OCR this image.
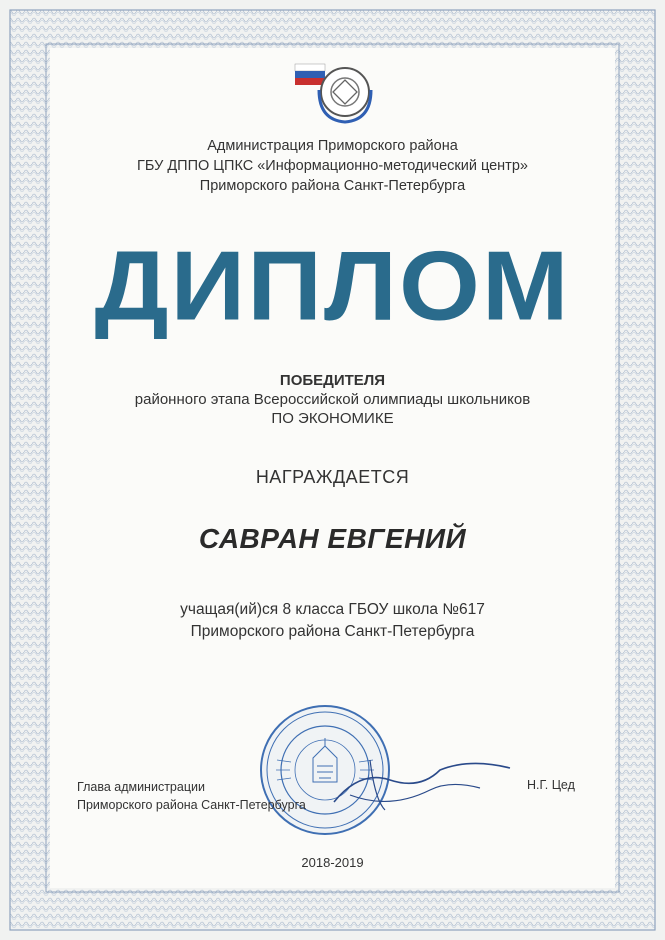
Администрация Приморского района
ГБУ ДППО ЦПКС «Информационно-методический центр»
Приморского района Санкт-Петербурга
ДИПЛОМ
ПОБЕДИТЕЛЯ
районного этапа Всероссийской олимпиады школьников
ПО ЭКОНОМИКЕ
НАГРАЖДАЕТСЯ
САВРАН ЕВГЕНИЙ
учащая(ий)ся 8 класса ГБОУ школа №617
Приморского района Санкт-Петербурга
Глава администрации
Приморского района Санкт-Петербурга
Н.Г. Цед
2018-2019
